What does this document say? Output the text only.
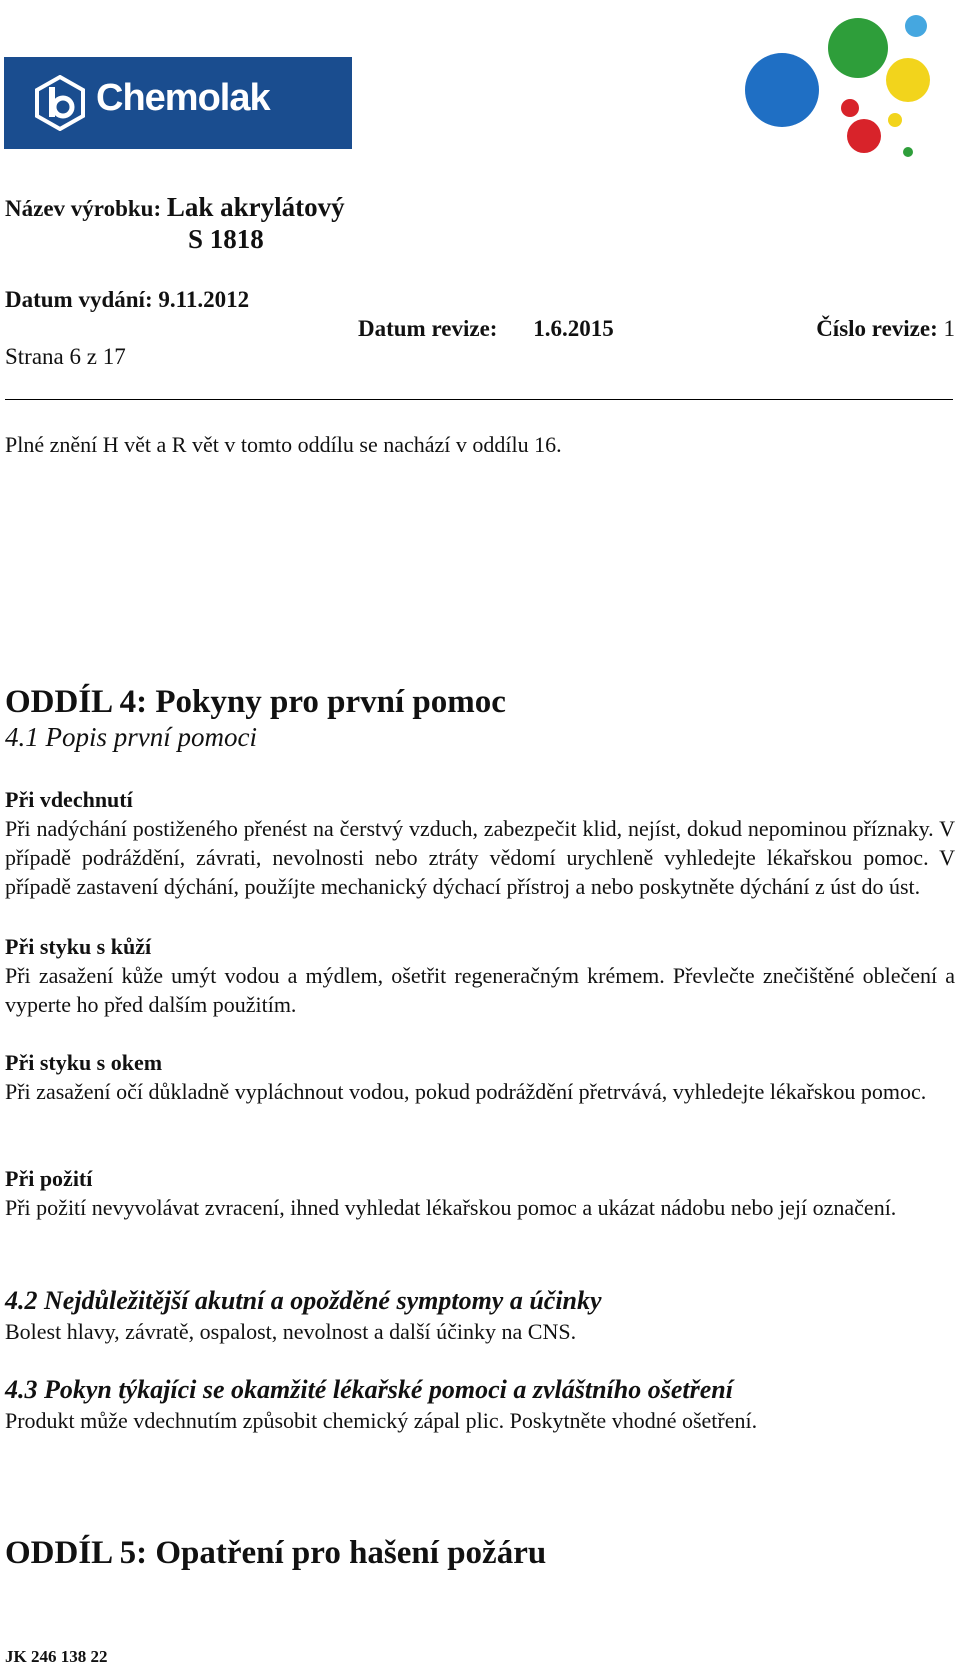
Chemolak
Název výrobku: Lak akrylátový
S 1818
Datum vydání: 9.11.2012
Datum revize: 1.6.2015	Číslo revize: 1
Strana 6 z 17
Plné znění H vět a R vět v tomto oddílu se nachází v oddílu 16.
ODDÍL 4: Pokyny pro první pomoc
4.1 Popis první pomoci
Při vdechnutí
Při nadýchání postiženého přenést na čerstvý vzduch, zabezpečit klid, nejíst, dokud nepominou příznaky. V případě podráždění, závrati, nevolnosti nebo ztráty vědomí urychleně vyhledejte lékařskou pomoc. V případě zastavení dýchání, použíjte mechanický dýchací přístroj a nebo poskytněte dýchání z úst do úst.
Při styku s kůží
Při zasažení kůže umýt vodou a mýdlem, ošetřit regeneračným krémem. Převlečte znečištěné oblečení a vyperte ho před dalším použitím.
Při styku s okem
Při zasažení očí důkladně vypláchnout vodou, pokud podráždění přetrvává, vyhledejte lékařskou pomoc.
Při požití
Při požití nevyvolávat zvracení, ihned vyhledat lékařskou pomoc a ukázat nádobu nebo její označení.
4.2 Nejdůležitější akutní a opožděné symptomy a účinky
Bolest hlavy, závratě, ospalost, nevolnost a další účinky na CNS.
4.3 Pokyn týkajíci se okamžité lékařské pomoci a zvláštního ošetření
Produkt může vdechnutím způsobit chemický zápal plic. Poskytněte vhodné ošetření.
ODDÍL 5: Opatření pro hašení požáru
JK 246 138 22
